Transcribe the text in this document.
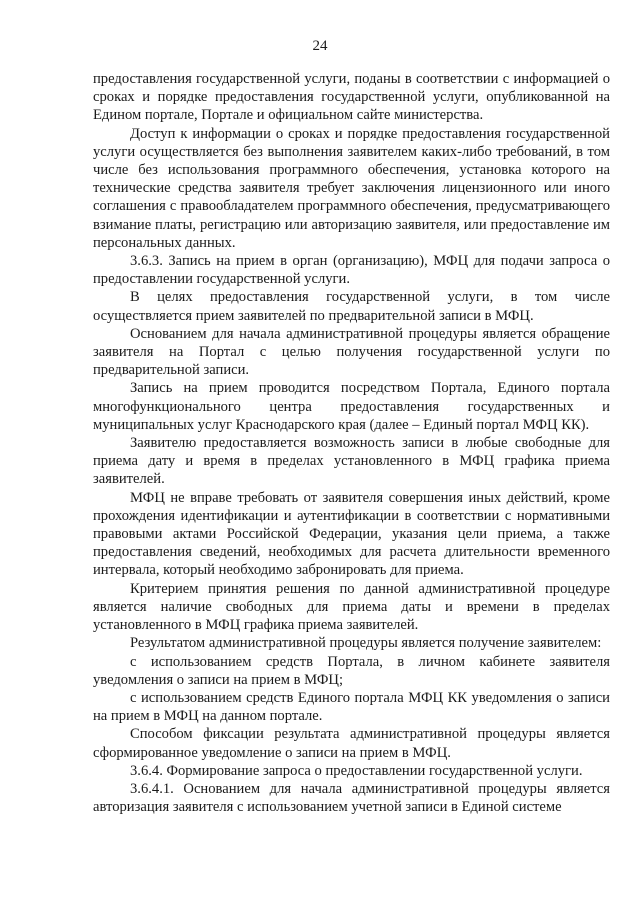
24

предоставления государственной услуги, поданы в соответствии с информацией о сроках и порядке предоставления государственной услуги, опубликованной на Едином портале, Портале и официальном сайте министерства.

Доступ к информации о сроках и порядке предоставления государственной услуги осуществляется без выполнения заявителем каких-либо требований, в том числе без использования программного обеспечения, установка которого на технические средства заявителя требует заключения лицензионного или иного соглашения с правообладателем программного обеспечения, предусматривающего взимание платы, регистрацию или авторизацию заявителя, или предоставление им персональных данных.

3.6.3. Запись на прием в орган (организацию), МФЦ для подачи запроса о предоставлении государственной услуги.

В целях предоставления государственной услуги, в том числе осуществляется прием заявителей по предварительной записи в МФЦ.

Основанием для начала административной процедуры является обращение заявителя на Портал с целью получения государственной услуги по предварительной записи.

Запись на прием проводится посредством Портала, Единого портала многофункционального центра предоставления государственных и муниципальных услуг Краснодарского края (далее – Единый портал МФЦ КК).

Заявителю предоставляется возможность записи в любые свободные для приема дату и время в пределах установленного в МФЦ графика приема заявителей.

МФЦ не вправе требовать от заявителя совершения иных действий, кроме прохождения идентификации и аутентификации в соответствии с нормативными правовыми актами Российской Федерации, указания цели приема, а также предоставления сведений, необходимых для расчета длительности временного интервала, который необходимо забронировать для приема.

Критерием принятия решения по данной административной процедуре является наличие свободных для приема даты и времени в пределах установленного в МФЦ графика приема заявителей.

Результатом административной процедуры является получение заявителем:

с использованием средств Портала, в личном кабинете заявителя уведомления о записи на прием в МФЦ;

с использованием средств Единого портала МФЦ КК уведомления о записи на прием в МФЦ на данном портале.

Способом фиксации результата административной процедуры является сформированное уведомление о записи на прием в МФЦ.

3.6.4. Формирование запроса о предоставлении государственной услуги.

3.6.4.1. Основанием для начала административной процедуры является авторизация заявителя с использованием учетной записи в Единой системе
